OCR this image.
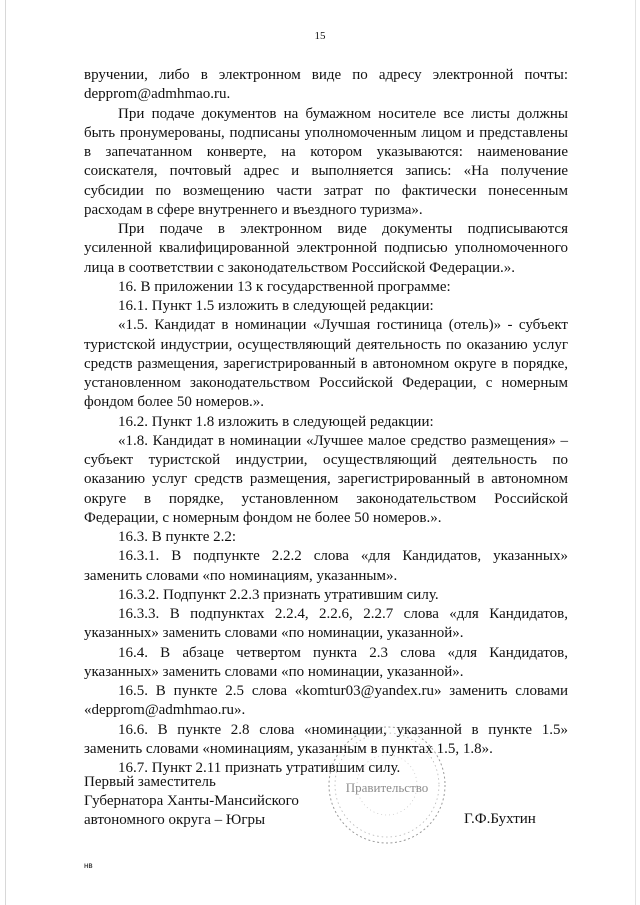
15

вручении, либо в электронном виде по адресу электронной почты: depprom@admhmao.ru.

При подаче документов на бумажном носителе все листы должны быть пронумерованы, подписаны уполномоченным лицом и представлены в запечатанном конверте, на котором указываются: наименование соискателя, почтовый адрес и выполняется запись: «На получение субсидии по возмещению части затрат по фактически понесенным расходам в сфере внутреннего и въездного туризма».

При подаче в электронном виде документы подписываются усиленной квалифицированной электронной подписью уполномоченного лица в соответствии с законодательством Российской Федерации.».

16. В приложении 13 к государственной программе:

16.1. Пункт 1.5 изложить в следующей редакции:

«1.5. Кандидат в номинации «Лучшая гостиница (отель)» - субъект туристской индустрии, осуществляющий деятельность по оказанию услуг средств размещения, зарегистрированный в автономном округе в порядке, установленном законодательством Российской Федерации, с номерным фондом более 50 номеров.».

16.2. Пункт 1.8 изложить в следующей редакции:

«1.8. Кандидат в номинации «Лучшее малое средство размещения» – субъект туристской индустрии, осуществляющий деятельность по оказанию услуг средств размещения, зарегистрированный в автономном округе в порядке, установленном законодательством Российской Федерации, с номерным фондом не более 50 номеров.».

16.3. В пункте 2.2:

16.3.1. В подпункте 2.2.2 слова «для Кандидатов, указанных» заменить словами «по номинациям, указанным».

16.3.2. Подпункт 2.2.3 признать утратившим силу.

16.3.3. В подпунктах 2.2.4, 2.2.6, 2.2.7 слова «для Кандидатов, указанных» заменить словами «по номинации, указанной».

16.4. В абзаце четвертом пункта 2.3 слова «для Кандидатов, указанных» заменить словами «по номинации, указанной».

16.5. В пункте 2.5 слова «komtur03@yandex.ru» заменить словами «depprom@admhmao.ru».

16.6. В пункте 2.8 слова «номинации, указанной в пункте 1.5» заменить словами «номинациям, указанным в пунктах 1.5, 1.8».

16.7. Пункт 2.11 признать утратившим силу.

Первый заместитель
Губернатора Ханты-Мансийского
автономного округа – Югры	Г.Ф.Бухтин
Правительство
нв
